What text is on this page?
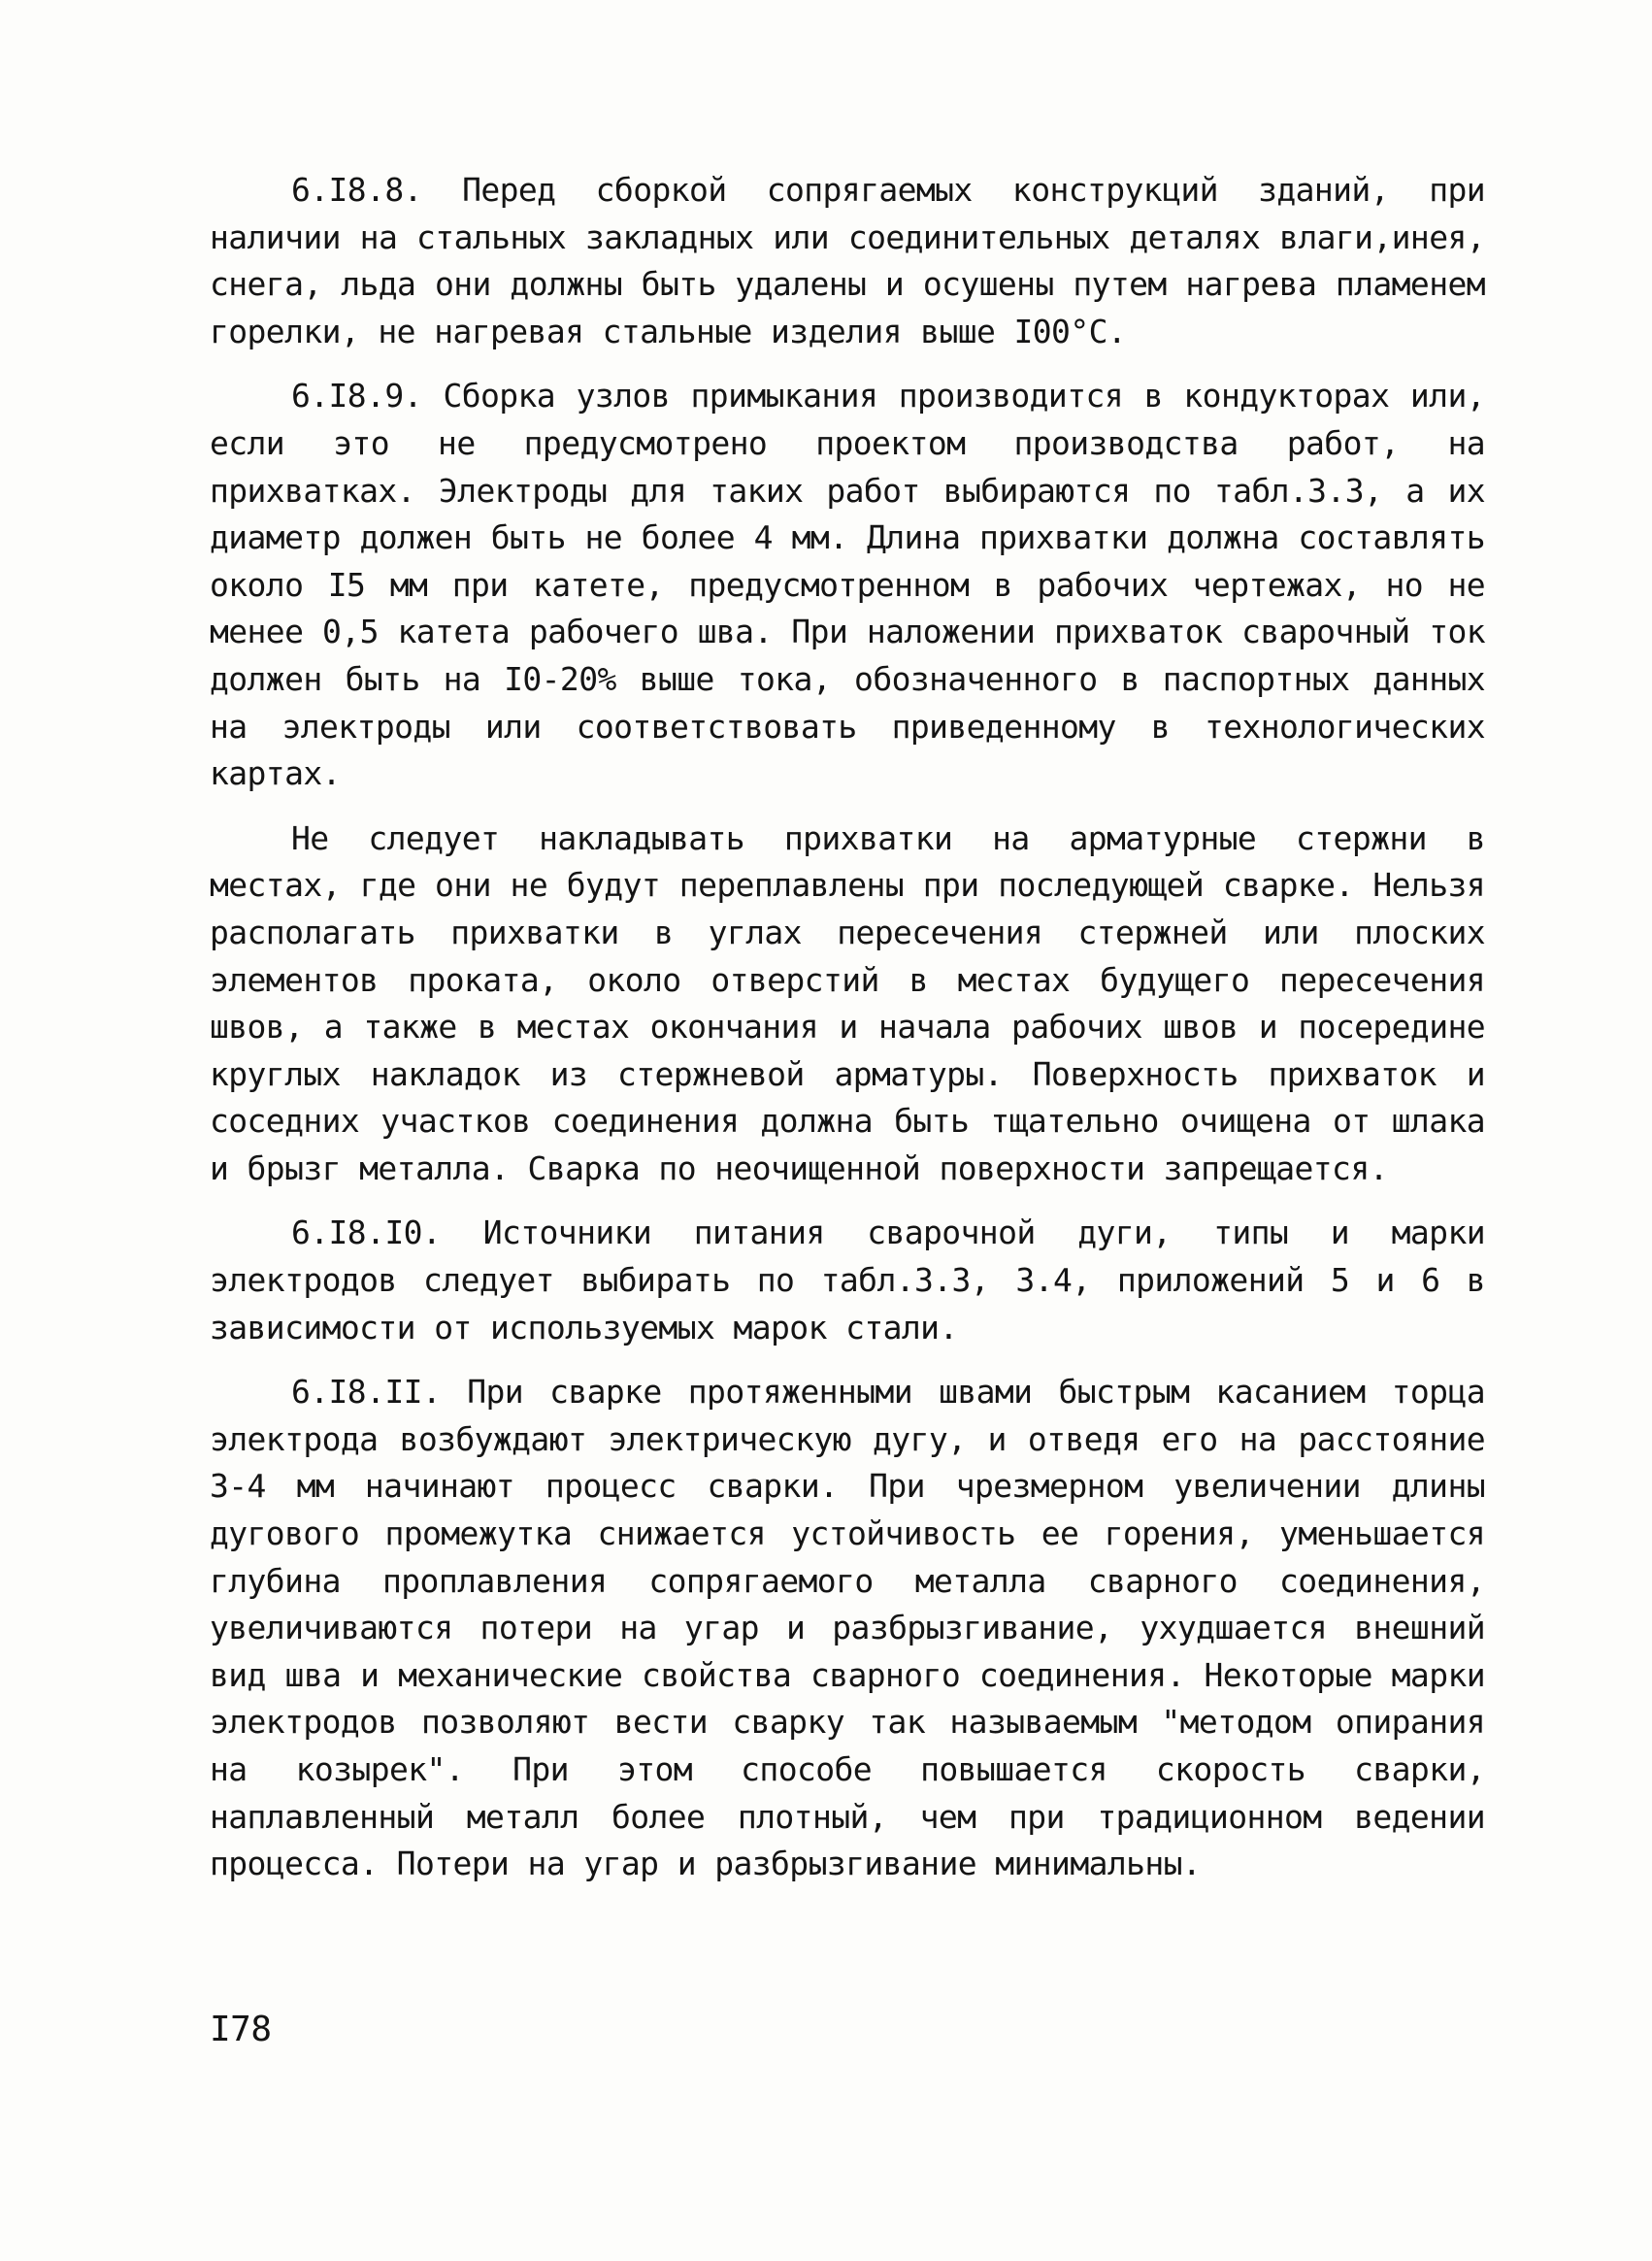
6.I8.8. Перед сборкой сопрягаемых конструкций зданий, при наличии на стальных закладных или соединительных деталях влаги,инея, снега, льда они должны быть удалены и осушены путем нагрева пламенем горелки, не нагревая стальные изделия выше I00°С.

6.I8.9. Сборка узлов примыкания производится в кондукторах или, если это не предусмотрено проектом производства работ, на прихватках. Электроды для таких работ выбираются по табл.3.3, а их диаметр должен быть не более 4 мм. Длина прихватки должна составлять около I5 мм при катете, предусмотренном в рабочих чертежах, но не менее 0,5 катета рабочего шва. При наложении прихваток сварочный ток должен быть на I0-20% выше тока, обозначенного в паспортных данных на электроды или соответствовать приведенному в технологических картах.

Не следует накладывать прихватки на арматурные стержни в местах, где они не будут переплавлены при последующей сварке. Нельзя располагать прихватки в углах пересечения стержней или плоских элементов проката, около отверстий в местах будущего пересечения швов, а также в местах окончания и начала рабочих швов и посередине круглых накладок из стержневой арматуры. Поверхность прихваток и соседних участков соединения должна быть тщательно очищена от шлака и брызг металла. Сварка по неочищенной поверхности запрещается.

6.I8.I0. Источники питания сварочной дуги, типы и марки электродов следует выбирать по табл.3.3, 3.4, приложений 5 и 6 в зависимости от используемых марок стали.

6.I8.II. При сварке протяженными швами быстрым касанием торца электрода возбуждают электрическую дугу, и отведя его на расстояние 3-4 мм начинают процесс сварки. При чрезмерном увеличении длины дугового промежутка снижается устойчивость ее горения, уменьшается глубина проплавления сопрягаемого металла сварного соединения, увеличиваются потери на угар и разбрызгивание, ухудшается внешний вид шва и механические свойства сварного соединения. Некоторые марки электродов позволяют вести сварку так называемым "методом опирания на козырек". При этом способе повышается скорость сварки, наплавленный металл более плотный, чем при традиционном ведении процесса. Потери на угар и разбрызгивание минимальны.

I78
